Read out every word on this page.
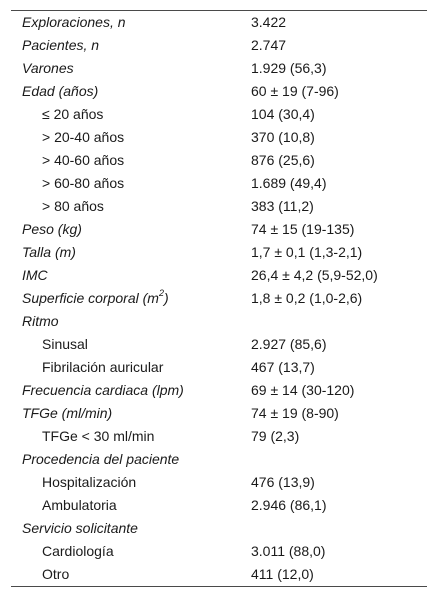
Exploraciones, n	3.422
Pacientes, n	2.747
Varones	1.929 (56,3)
Edad (años)	60 ± 19 (7-96)
≤ 20 años	104 (30,4)
> 20-40 años	370 (10,8)
> 40-60 años	876 (25,6)
> 60-80 años	1.689 (49,4)
> 80 años	383 (11,2)
Peso (kg)	74 ± 15 (19-135)
Talla (m)	1,7 ± 0,1 (1,3-2,1)
IMC	26,4 ± 4,2 (5,9-52,0)
Superficie corporal $(m^2)$	1,8 ± 0,2 (1,0-2,6)
Ritmo	
Sinusal	2.927 (85,6)
Fibrilación auricular	467 (13,7)
Frecuencia cardiaca (lpm)	69 ± 14 (30-120)
TFGe (ml/min)	74 ± 19 (8-90)
TFGe < 30 ml/min	79 (2,3)
Procedencia del paciente	
Hospitalización	476 (13,9)
Ambulatoria	2.946 (86,1)
Servicio solicitante	
Cardiología	3.011 (88,0)
Otro	411 (12,0)
